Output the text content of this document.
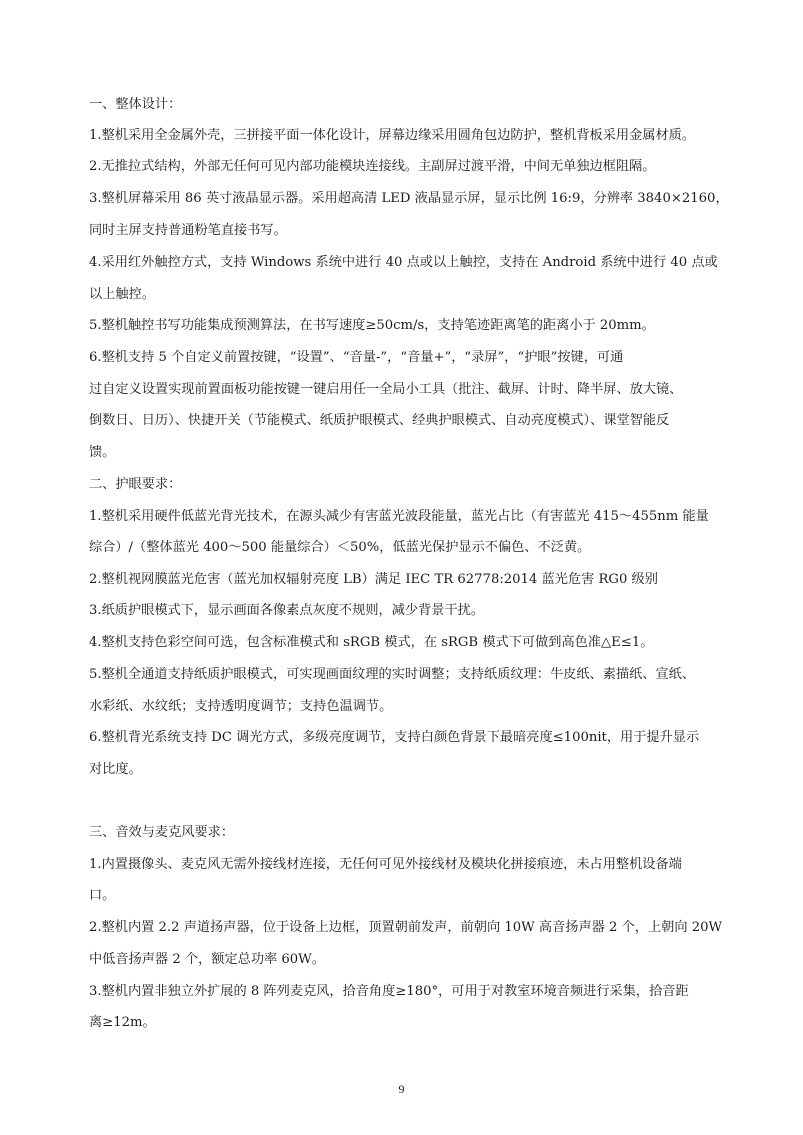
一、整体设计：
1.整机采用全金属外壳，三拼接平面一体化设计，屏幕边缘采用圆角包边防护，整机背板采用金属材质。
2.无推拉式结构，外部无任何可见内部功能模块连接线。主副屏过渡平滑，中间无单独边框阻隔。
3.整机屏幕采用 86 英寸液晶显示器。采用超高清 LED 液晶显示屏，显示比例 16:9，分辨率 3840×2160，
同时主屏支持普通粉笔直接书写。
4.采用红外触控方式，支持 Windows 系统中进行 40 点或以上触控，支持在 Android 系统中进行 40 点或
以上触控。
5.整机触控书写功能集成预测算法，在书写速度≥50cm/s，支持笔迹距离笔的距离小于 20mm。
6.整机支持 5 个自定义前置按键，“设置”、“音量-”，“音量+”，“录屏”，“护眼”按键，可通
过自定义设置实现前置面板功能按键一键启用任一全局小工具（批注、截屏、计时、降半屏、放大镜、
倒数日、日历）、快捷开关（节能模式、纸质护眼模式、经典护眼模式、自动亮度模式）、课堂智能反
馈。
二、护眼要求：
1.整机采用硬件低蓝光背光技术，在源头减少有害蓝光波段能量，蓝光占比（有害蓝光 415～455nm 能量
综合）/（整体蓝光 400～500 能量综合）＜50%，低蓝光保护显示不偏色、不泛黄。
2.整机视网膜蓝光危害（蓝光加权辐射亮度 LB）满足 IEC TR 62778:2014 蓝光危害 RG0 级别
3.纸质护眼模式下，显示画面各像素点灰度不规则，减少背景干扰。
4.整机支持色彩空间可选，包含标准模式和 sRGB 模式，在 sRGB 模式下可做到高色准△E≤1。
5.整机全通道支持纸质护眼模式，可实现画面纹理的实时调整；支持纸质纹理：牛皮纸、素描纸、宣纸、
水彩纸、水纹纸；支持透明度调节；支持色温调节。
6.整机背光系统支持 DC 调光方式，多级亮度调节，支持白颜色背景下最暗亮度≤100nit，用于提升显示
对比度。
三、音效与麦克风要求：
1.内置摄像头、麦克风无需外接线材连接，无任何可见外接线材及模块化拼接痕迹，未占用整机设备端
口。
2.整机内置 2.2 声道扬声器，位于设备上边框，顶置朝前发声，前朝向 10W 高音扬声器 2 个，上朝向 20W
中低音扬声器 2 个，额定总功率 60W。
3.整机内置非独立外扩展的 8 阵列麦克风，拾音角度≥180°，可用于对教室环境音频进行采集，拾音距
离≥12m。
9
